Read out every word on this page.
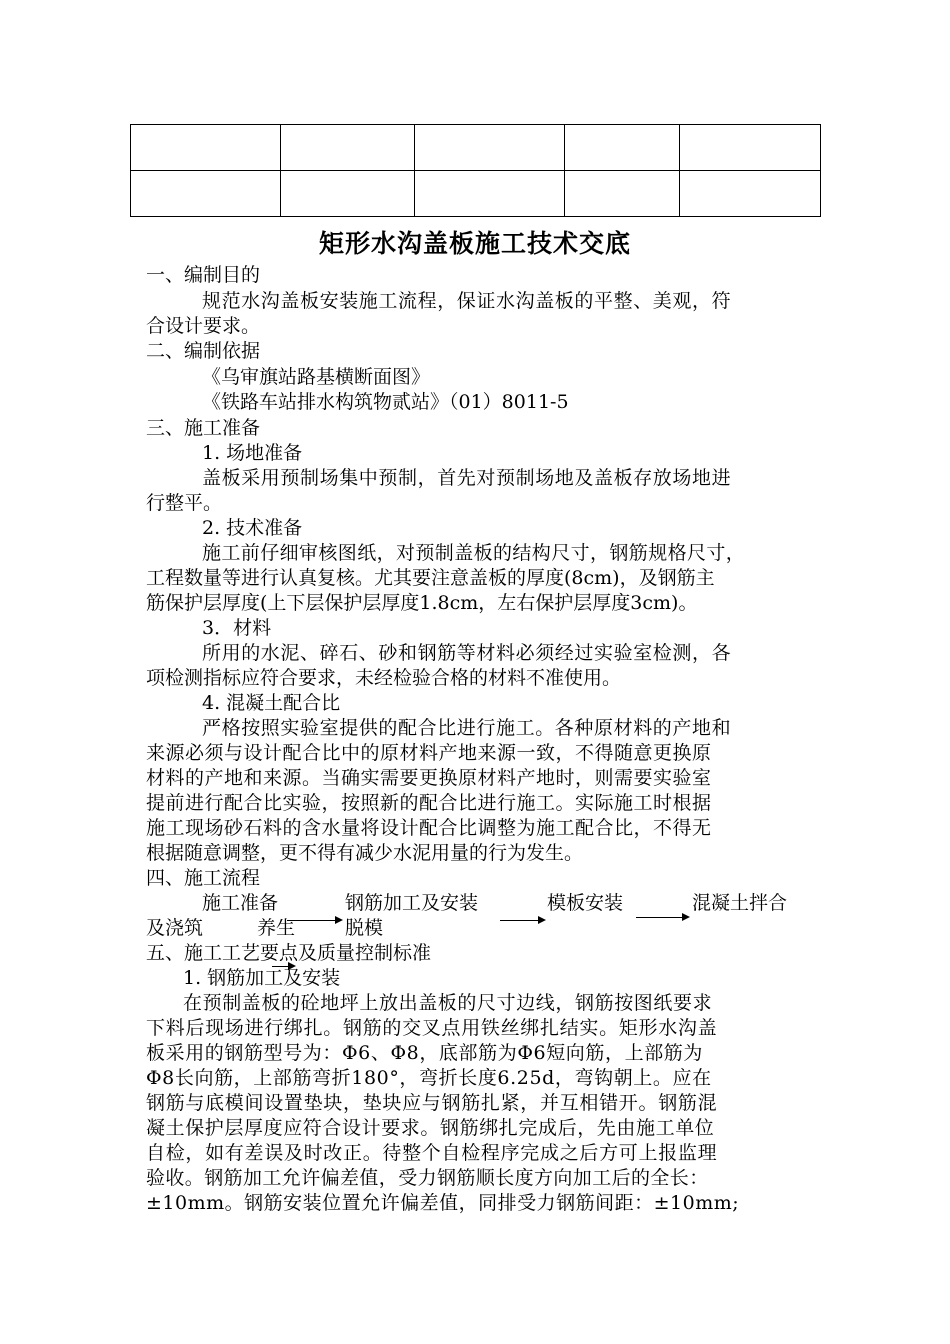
矩形水沟盖板施工技术交底
一、编制目的
规范水沟盖板安装施工流程，保证水沟盖板的平整、美观，符
合设计要求。
二、编制依据
《乌审旗站路基横断面图》
《铁路车站排水构筑物贰站》（01）8011-5
三、施工准备
1. 场地准备
盖板采用预制场集中预制，首先对预制场地及盖板存放场地进
行整平。
2. 技术准备
施工前仔细审核图纸，对预制盖板的结构尺寸，钢筋规格尺寸，
工程数量等进行认真复核。尤其要注意盖板的厚度(8cm)，及钢筋主
筋保护层厚度(上下层保护层厚度1.8cm，左右保护层厚度3cm)。
3．材料
所用的水泥、碎石、砂和钢筋等材料必须经过实验室检测，各
项检测指标应符合要求，未经检验合格的材料不准使用。
4. 混凝土配合比
严格按照实验室提供的配合比进行施工。各种原材料的产地和
来源必须与设计配合比中的原材料产地来源一致，不得随意更换原
材料的产地和来源。当确实需要更换原材料产地时，则需要实验室
提前进行配合比实验，按照新的配合比进行施工。实际施工时根据
施工现场砂石料的含水量将设计配合比调整为施工配合比，不得无
根据随意调整，更不得有减少水泥用量的行为发生。
四、施工流程
施工准备	钢筋加工及安装	模板安装	混凝土拌合
及浇筑	养生	脱模
五、施工工艺要点及质量控制标准
1. 钢筋加工及安装
在预制盖板的砼地坪上放出盖板的尺寸边线，钢筋按图纸要求
下料后现场进行绑扎。钢筋的交叉点用铁丝绑扎结实。矩形水沟盖
板采用的钢筋型号为：Φ6、Φ8，底部筋为Φ6短向筋，上部筋为
Φ8长向筋，上部筋弯折180°，弯折长度6.25d，弯钩朝上。应在
钢筋与底模间设置垫块，垫块应与钢筋扎紧，并互相错开。钢筋混
凝土保护层厚度应符合设计要求。钢筋绑扎完成后，先由施工单位
自检，如有差误及时改正。待整个自检程序完成之后方可上报监理
验收。钢筋加工允许偏差值，受力钢筋顺长度方向加工后的全长：
±10mm。钢筋安装位置允许偏差值，同排受力钢筋间距：±10mm;
